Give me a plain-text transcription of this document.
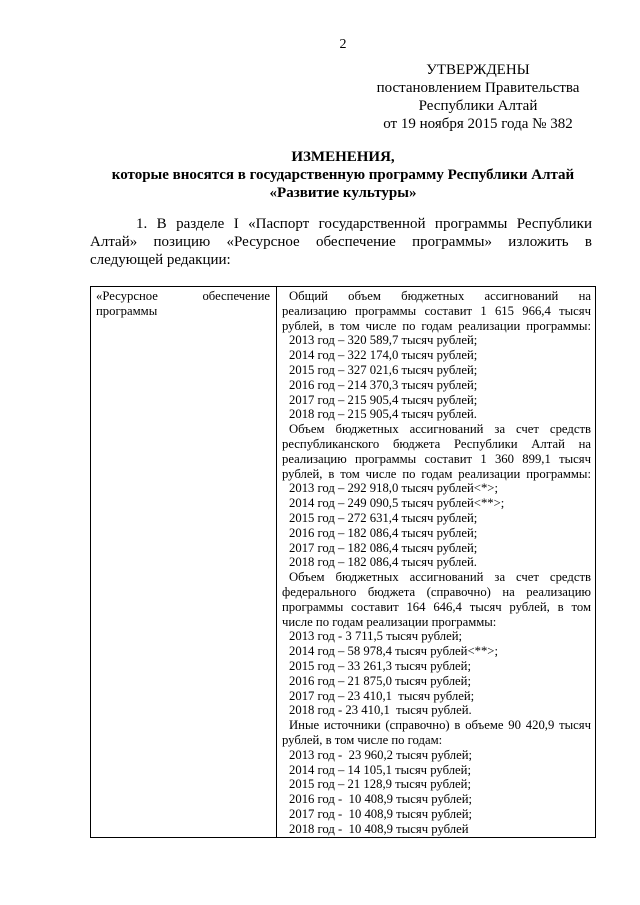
2
УТВЕРЖДЕНЫ
постановлением Правительства
Республики Алтай
от 19 ноября 2015 года № 382
ИЗМЕНЕНИЯ,
которые вносятся в государственную программу Республики Алтай
«Развитие культуры»
1. В разделе I «Паспорт государственной программы Республики
Алтай» позицию «Ресурсное обеспечение программы» изложить в
следующей редакции:
«Ресурсное обеспечение
программы
Общий объем бюджетных ассигнований на
реализацию программы составит 1 615 966,4 тысяч
рублей, в том числе по годам реализации программы:
2013 год – 320 589,7 тысяч рублей;
2014 год – 322 174,0 тысяч рублей;
2015 год – 327 021,6 тысяч рублей;
2016 год – 214 370,3 тысяч рублей;
2017 год – 215 905,4 тысяч рублей;
2018 год – 215 905,4 тысяч рублей.
Объем бюджетных ассигнований за счет средств
республиканского бюджета Республики Алтай на
реализацию программы составит 1 360 899,1 тысяч
рублей, в том числе по годам реализации программы:
2013 год – 292 918,0 тысяч рублей<*>;
2014 год – 249 090,5 тысяч рублей<**>;
2015 год – 272 631,4 тысяч рублей;
2016 год – 182 086,4 тысяч рублей;
2017 год – 182 086,4 тысяч рублей;
2018 год – 182 086,4 тысяч рублей.
Объем бюджетных ассигнований за счет средств
федерального бюджета (справочно) на реализацию
программы составит 164 646,4 тысяч рублей, в том
числе по годам реализации программы:
2013 год - 3 711,5 тысяч рублей;
2014 год – 58 978,4 тысяч рублей<**>;
2015 год – 33 261,3 тысяч рублей;
2016 год – 21 875,0 тысяч рублей;
2017 год – 23 410,1  тысяч рублей;
2018 год - 23 410,1  тысяч рублей.
Иные источники (справочно) в объеме 90 420,9 тысяч
рублей, в том числе по годам:
2013 год -  23 960,2 тысяч рублей;
2014 год – 14 105,1 тысяч рублей;
2015 год – 21 128,9 тысяч рублей;
2016 год -  10 408,9 тысяч рублей;
2017 год -  10 408,9 тысяч рублей;
2018 год -  10 408,9 тысяч рублей
